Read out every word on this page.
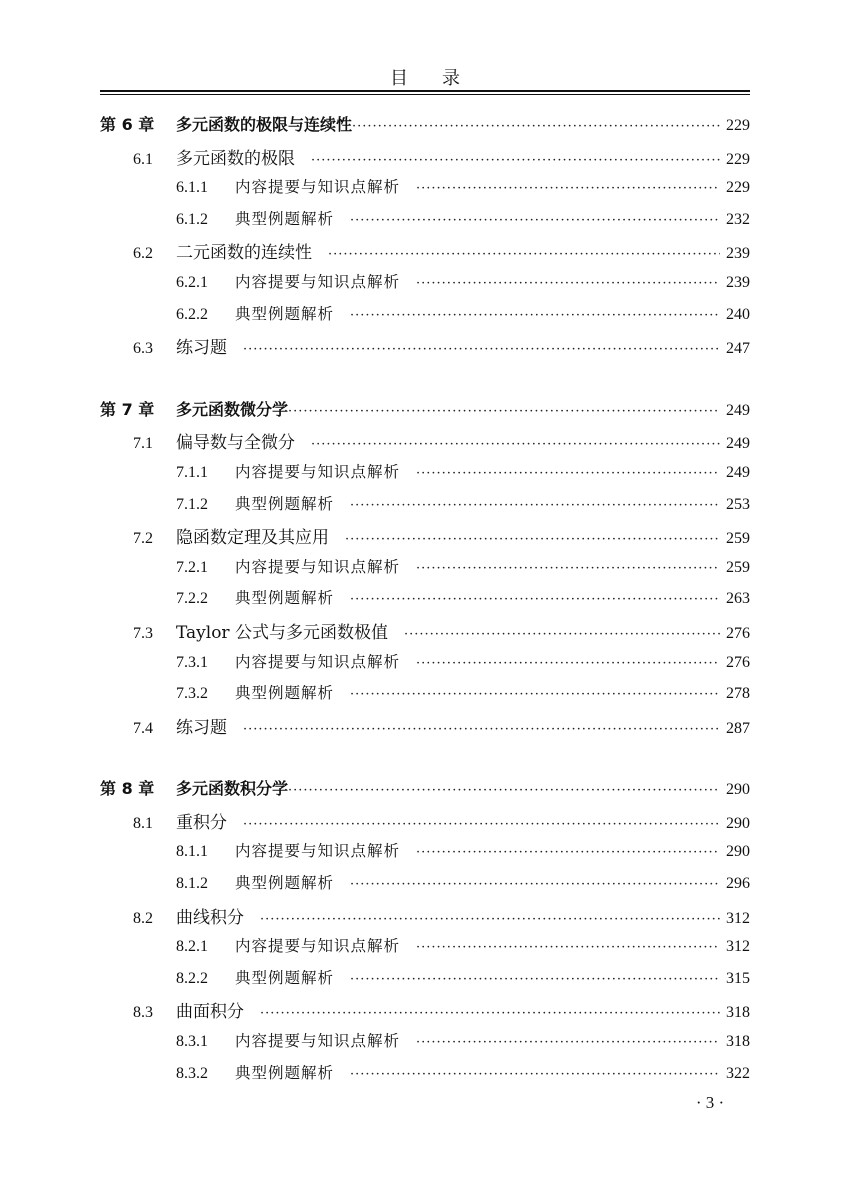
目录
第 6 章	多元函数的极限与连续性 ·····	229
6.1	多元函数的极限 ·····	229
6.1.1	内容提要与知识点解析 ·····	229
6.1.2	典型例题解析 ·····	232
6.2	二元函数的连续性 ·····	239
6.2.1	内容提要与知识点解析 ·····	239
6.2.2	典型例题解析 ·····	240
6.3	练习题 ·····	247
第 7 章	多元函数微分学 ·····	249
7.1	偏导数与全微分 ·····	249
7.1.1	内容提要与知识点解析 ·····	249
7.1.2	典型例题解析 ·····	253
7.2	隐函数定理及其应用 ·····	259
7.2.1	内容提要与知识点解析 ·····	259
7.2.2	典型例题解析 ·····	263
7.3	Taylor 公式与多元函数极值 ·····	276
7.3.1	内容提要与知识点解析 ·····	276
7.3.2	典型例题解析 ·····	278
7.4	练习题 ·····	287
第 8 章	多元函数积分学 ·····	290
8.1	重积分 ·····	290
8.1.1	内容提要与知识点解析 ·····	290
8.1.2	典型例题解析 ·····	296
8.2	曲线积分 ·····	312
8.2.1	内容提要与知识点解析 ·····	312
8.2.2	典型例题解析 ·····	315
8.3	曲面积分 ·····	318
8.3.1	内容提要与知识点解析 ·····	318
8.3.2	典型例题解析 ·····	322
· 3 ·
